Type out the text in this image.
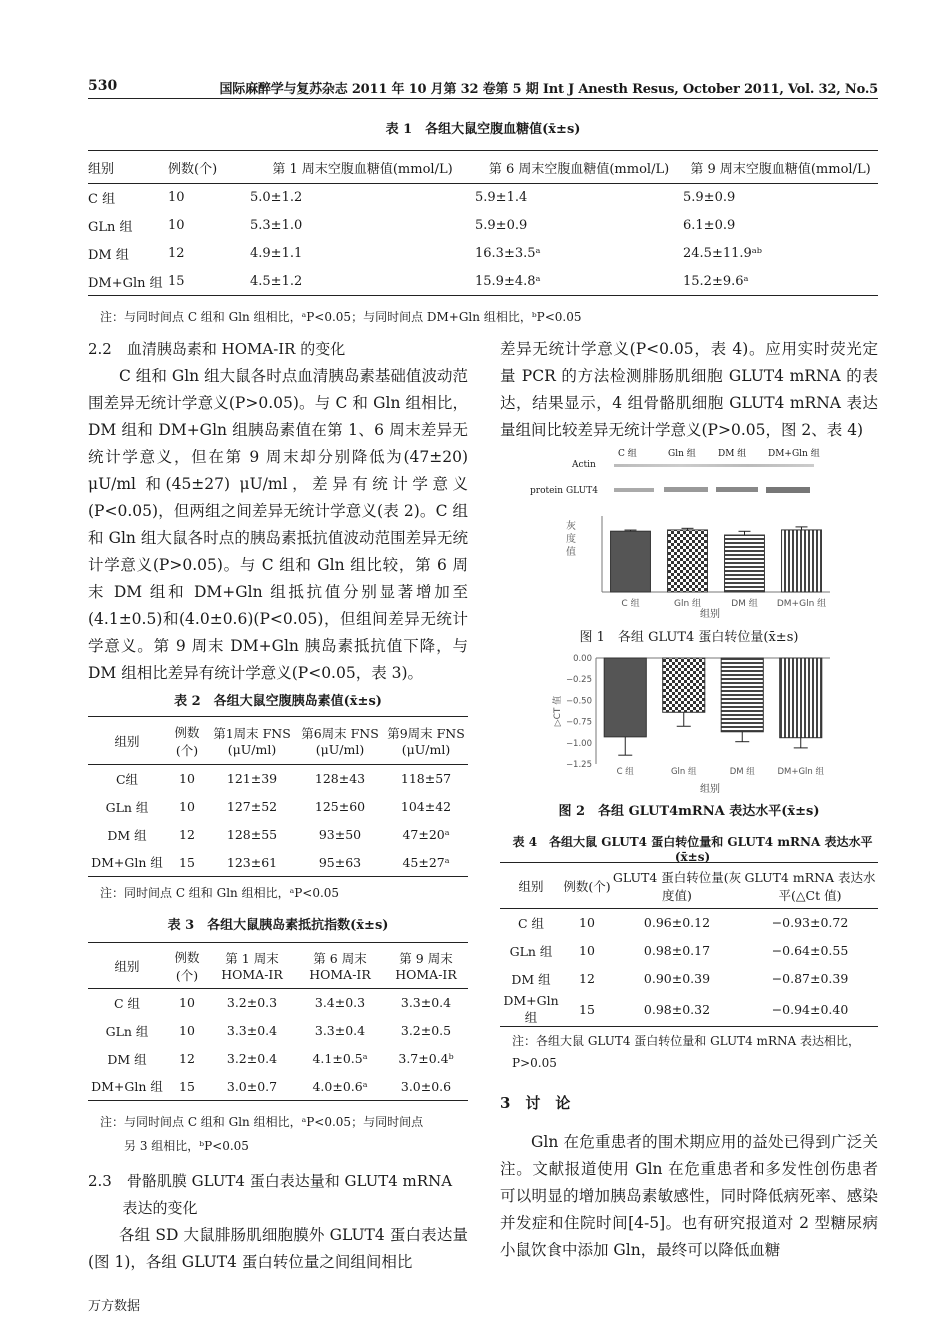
530	国际麻醉学与复苏杂志 2011 年 10 月第 32 卷第 5 期 Int J Anesth Resus, October 2011, Vol. 32, No.5
表 1　各组大鼠空腹血糖值(x̄±s)
组别	例数(个)	第 1 周末空腹血糖值(mmol/L)	第 6 周末空腹血糖值(mmol/L)	第 9 周末空腹血糖值(mmol/L)
C 组	10	5.0±1.2	5.9±1.4	5.9±0.9
GLn 组	10	5.3±1.0	5.9±0.9	6.1±0.9
DM 组	12	4.9±1.1	16.3±3.5ᵃ	24.5±11.9ᵃᵇ
DM+Gln 组	15	4.5±1.2	15.9±4.8ᵃ	15.2±9.6ᵃ
注：与同时间点 C 组和 Gln 组相比，ᵃP<0.05；与同时间点 DM+Gln 组相比，ᵇP<0.05
2.2　血清胰岛素和 HOMA-IR 的变化

C 组和 Gln 组大鼠各时点血清胰岛素基础值波动范围差异无统计学意义(P>0.05)。与 C 和 Gln 组相比，DM 组和 DM+Gln 组胰岛素值在第 1、6 周末差异无统计学意义，但在第 9 周末却分别降低为(47±20) μU/ml 和(45±27) μU/ml，差异有统计学意义(P<0.05)，但两组之间差异无统计学意义(表 2)。C 组和 Gln 组大鼠各时点的胰岛素抵抗值波动范围差异无统计学意义(P>0.05)。与 C 组和 Gln 组比较，第 6 周末 DM 组和 DM+Gln 组抵抗值分别显著增加至(4.1±0.5)和(4.0±0.6)(P<0.05)，但组间差异无统计学意义。第 9 周末 DM+Gln 胰岛素抵抗值下降，与 DM 组相比差异有统计学意义(P<0.05，表 3)。

表 2　各组大鼠空腹胰岛素值(x̄±s)
组别	例数(个)	第1周末 FNS (μU/ml)	第6周末 FNS (μU/ml)	第9周末 FNS (μU/ml)
C组	10	121±39	128±43	118±57
GLn 组	10	127±52	125±60	104±42
DM 组	12	128±55	93±50	47±20ᵃ
DM+Gln 组	15	123±61	95±63	45±27ᵃ
注：同时间点 C 组和 Gln 组相比，ᵃP<0.05
表 3　各组大鼠胰岛素抵抗指数(x̄±s)
组别	例数(个)	第 1 周末 HOMA-IR	第 6 周末 HOMA-IR	第 9 周末 HOMA-IR
C 组	10	3.2±0.3	3.4±0.3	3.3±0.4
GLn 组	10	3.3±0.4	3.3±0.4	3.2±0.5
DM 组	12	3.2±0.4	4.1±0.5ᵃ	3.7±0.4ᵇ
DM+Gln 组	15	3.0±0.7	4.0±0.6ᵃ	3.0±0.6
注：与同时间点 C 组和 Gln 组相比，ᵃP<0.05；与同时间点
另 3 组相比，ᵇP<0.05
2.3　骨骼肌膜 GLUT4 蛋白表达量和 GLUT4 mRNA
表达的变化

各组 SD 大鼠腓肠肌细胞膜外 GLUT4 蛋白表达量(图 1)，各组 GLUT4 蛋白转位量之间组间相比

差异无统计学意义(P<0.05，表 4)。应用实时荧光定量 PCR 的方法检测腓肠肌细胞 GLUT4 mRNA 的表达，结果显示，4 组骨骼肌细胞 GLUT4 mRNA 表达量组间比较差异无统计学意义(P>0.05，图 2、表 4)
C 组	Gln 组 DM 组 DM+Gln 组
Actin
protein GLUT4
C 组	Gln 组	DM 组 DM+Gln 组
灰度值
组别
图 1　各组 GLUT4 蛋白转位量(x̄±s)
0.00
−0.25
−0.50
−0.75
−1.00
−1.25
▷CT 值
C 组	Gln 组	DM 组	DM+Gln 组
组别
图 2　各组 GLUT4mRNA 表达水平(x̄±s)
表 4　各组大鼠 GLUT4 蛋白转位量和 GLUT4 mRNA 表达水平(x̄±s)
组别	例数(个)	GLUT4 蛋白转位量(灰度值)	GLUT4 mRNA 表达水平(△Ct 值)
C 组	10	0.96±0.12	−0.93±0.72
GLn 组	10	0.98±0.17	−0.64±0.55
DM 组	12	0.90±0.39	−0.87±0.39
DM+Gln 组	15	0.98±0.32	−0.94±0.40
注：各组大鼠 GLUT4 蛋白转位量和 GLUT4 mRNA 表达相比，P>0.05
3　讨　论

Gln 在危重患者的围术期应用的益处已得到广泛关注。文献报道使用 Gln 在危重患者和多发性创伤患者可以明显的增加胰岛素敏感性，同时降低病死率、感染并发症和住院时间[4-5]。也有研究报道对 2 型糖尿病小鼠饮食中添加 Gln，最终可以降低血糖

万方数据
